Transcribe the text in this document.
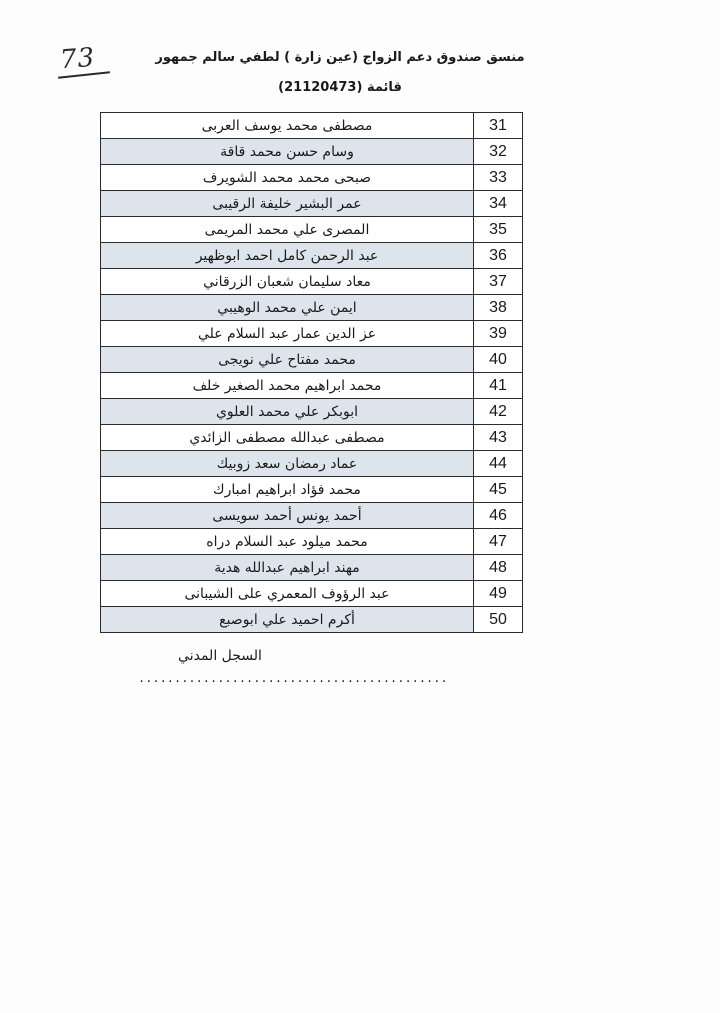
73	منسق صندوق دعم الزواج (عين زارة ) لطفي سالم جمهور
قائمة (21120473)
مصطفى محمد يوسف العربى	31
وسام حسن محمد قاقة	32
صبحى محمد محمد الشويرف	33
عمر البشير خليفة الرقيبى	34
المصرى علي محمد المريمى	35
عبد الرحمن كامل احمد ابوظهير	36
معاد سليمان شعبان الزرقاني	37
ايمن علي محمد الوهيبي	38
عز الدين عمار عبد السلام علي	39
محمد مفتاح علي نويجى	40
محمد ابراهيم محمد الصغير خلف	41
ابوبكر علي محمد العلوي	42
مصطفى عبدالله مصطفى الزائدي	43
عماد رمضان سعد زوبيك	44
محمد فؤاد ابراهيم امبارك	45
أحمد يونس أحمد سويسى	46
محمد ميلود عبد السلام دراه	47
مهند ابراهيم عبدالله هدية	48
عبد الرؤوف المعمري على الشيبانى	49
أكرم احميد علي ابوصبع	50
السجل المدني
...........................................
